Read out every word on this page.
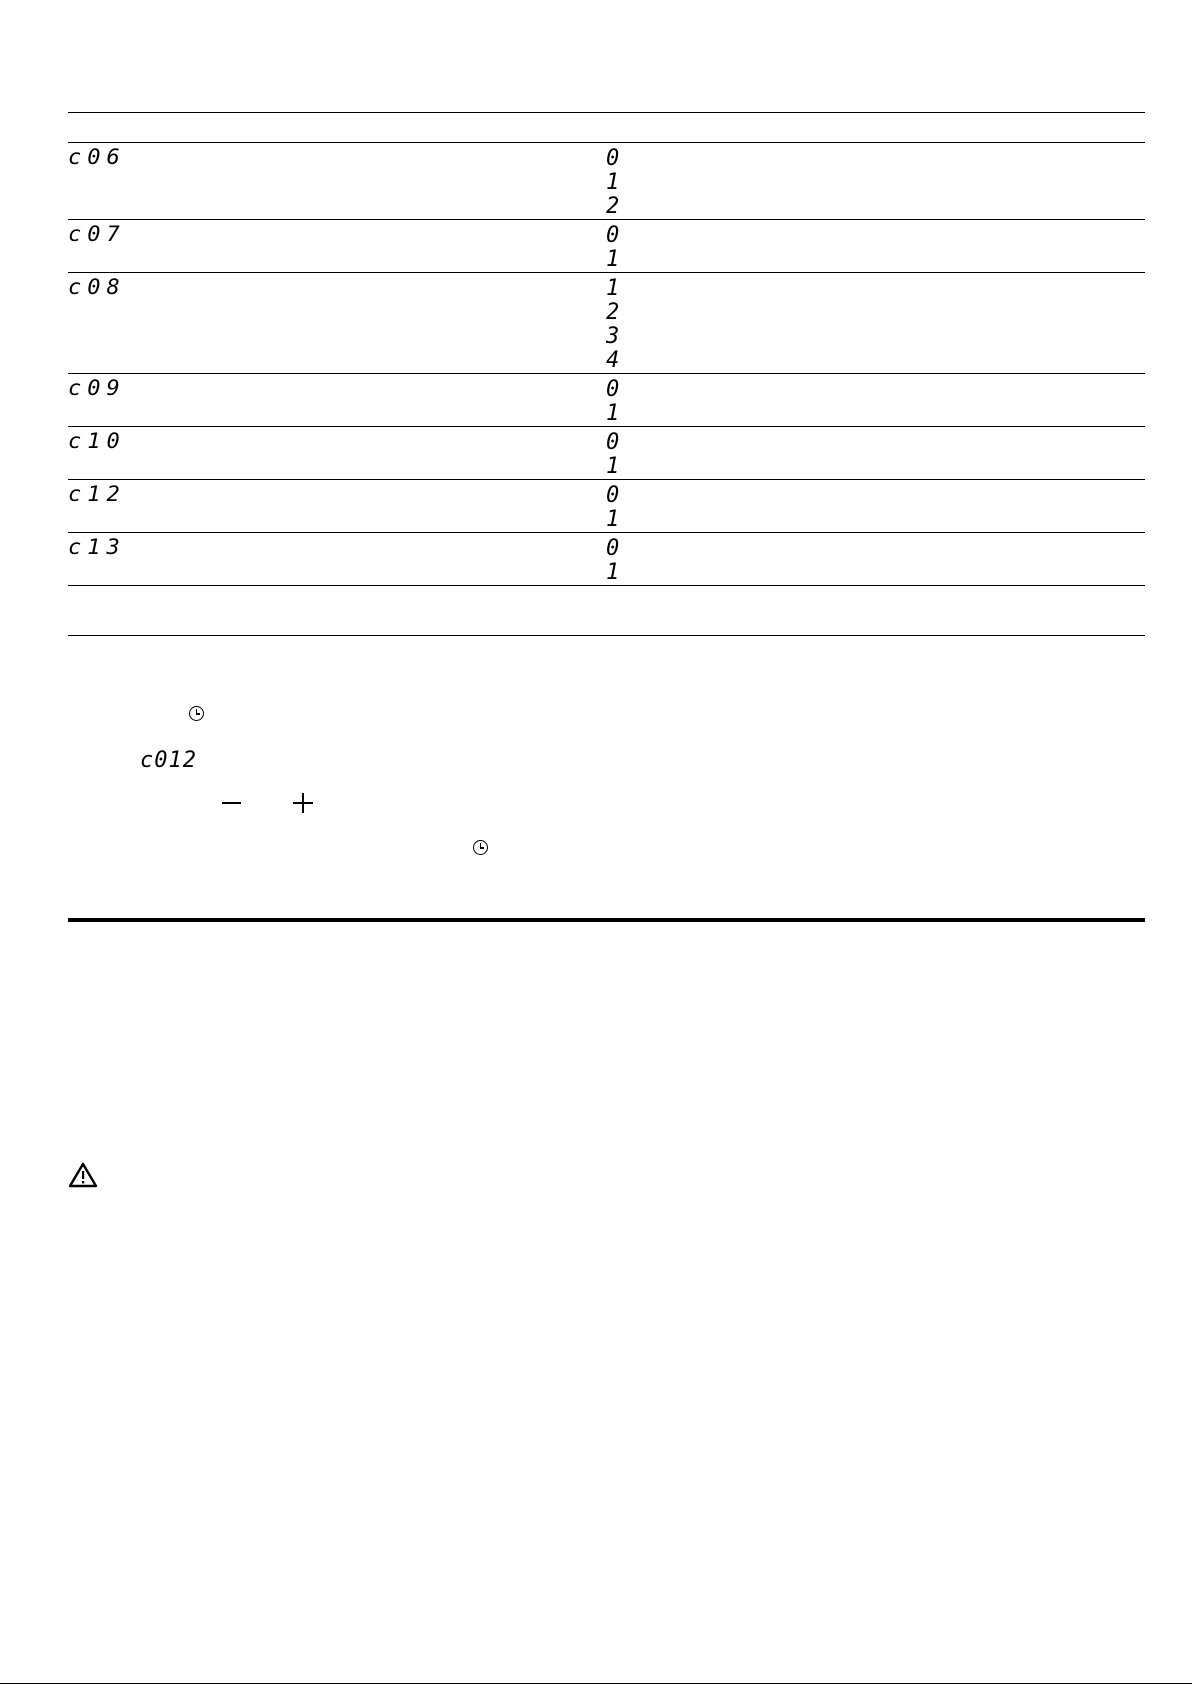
c06	0
1
2
c07	0
1
c08	1
2
3
4
c09	0
1
c10	0
1
c12	0
1
c13	0
1
c012
